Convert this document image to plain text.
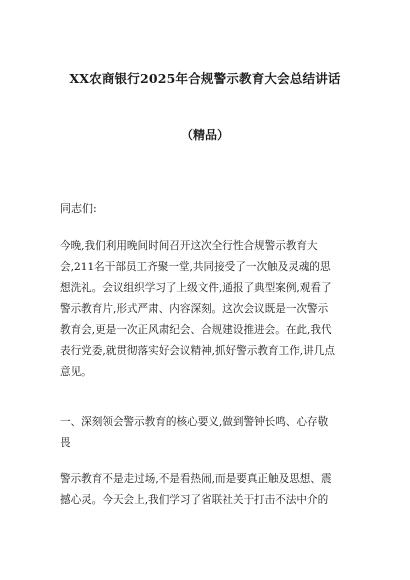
XX农商银行2025年合规警示教育大会总结讲话
（精品）
同志们:

今晚,我们利用晚间时间召开这次全行性合规警示教育大
会,211名干部员工齐聚一堂,共同接受了一次触及灵魂的思
想洗礼。会议组织学习了上级文件,通报了典型案例,观看了
警示教育片,形式严肃、内容深刻。这次会议既是一次警示
教育会,更是一次正风肃纪会、合规建设推进会。在此,我代
表行党委,就贯彻落实好会议精神,抓好警示教育工作,讲几点
意见。

一、深刻领会警示教育的核心要义,做到警钟长鸣、心存敬
畏

警示教育不是走过场,不是看热闹,而是要真正触及思想、震
撼心灵。今天会上,我们学习了省联社关于打击不法中介的
